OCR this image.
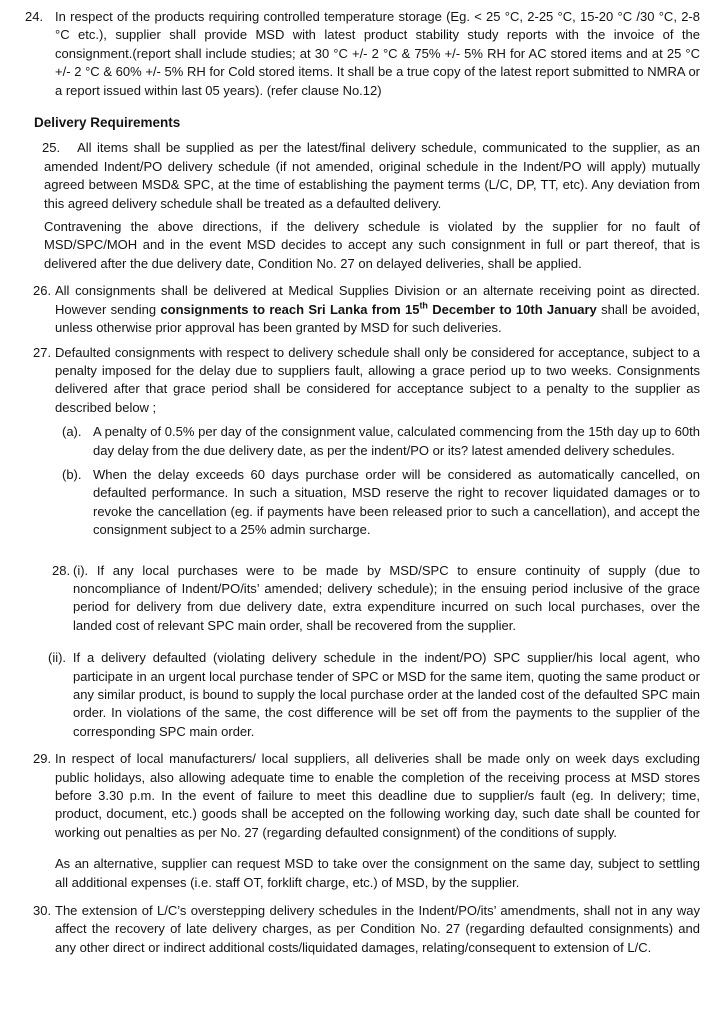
24. In respect of the products requiring controlled temperature storage (Eg. < 25 °C, 2-25 °C, 15-20 °C /30 °C, 2-8 °C etc.), supplier shall provide MSD with latest product stability study reports with the invoice of the consignment.(report shall include studies; at 30 °C +/- 2 °C & 75% +/- 5% RH for AC stored items and at 25 °C +/- 2 °C & 60% +/- 5% RH for Cold stored items. It shall be a true copy of the latest report submitted to NMRA or a report issued within last 05 years). (refer clause No.12)

Delivery Requirements

25. All items shall be supplied as per the latest/final delivery schedule, communicated to the supplier, as an amended Indent/PO delivery schedule (if not amended, original schedule in the Indent/PO will apply) mutually agreed between MSD& SPC, at the time of establishing the payment terms (L/C, DP, TT, etc). Any deviation from this agreed delivery schedule shall be treated as a defaulted delivery.

Contravening the above directions, if the delivery schedule is violated by the supplier for no fault of MSD/SPC/MOH and in the event MSD decides to accept any such consignment in full or part thereof, that is delivered after the due delivery date, Condition No. 27 on delayed deliveries, shall be applied.

26. All consignments shall be delivered at Medical Supplies Division or an alternate receiving point as directed. However sending consignments to reach Sri Lanka from 15th December to 10th January shall be avoided, unless otherwise prior approval has been granted by MSD for such deliveries.

27. Defaulted consignments with respect to delivery schedule shall only be considered for acceptance, subject to a penalty imposed for the delay due to suppliers fault, allowing a grace period up to two weeks. Consignments delivered after that grace period shall be considered for acceptance subject to a penalty to the supplier as described below ;

(a). A penalty of 0.5% per day of the consignment value, calculated commencing from the 15th day up to 60th day delay from the due delivery date, as per the indent/PO or its? latest amended delivery schedules.

(b). When the delay exceeds 60 days purchase order will be considered as automatically cancelled, on defaulted performance. In such a situation, MSD reserve the right to recover liquidated damages or to revoke the cancellation (eg. if payments have been released prior to such a cancellation), and accept the consignment subject to a 25% admin surcharge.

28. (i). If any local purchases were to be made by MSD/SPC to ensure continuity of supply (due to noncompliance of Indent/PO/its’ amended; delivery schedule); in the ensuing period inclusive of the grace period for delivery from due delivery date, extra expenditure incurred on such local purchases, over the landed cost of relevant SPC main order, shall be recovered from the supplier.

(ii). If a delivery defaulted (violating delivery schedule in the indent/PO) SPC supplier/his local agent, who participate in an urgent local purchase tender of SPC or MSD for the same item, quoting the same product or any similar product, is bound to supply the local purchase order at the landed cost of the defaulted SPC main order. In violations of the same, the cost difference will be set off from the payments to the supplier of the corresponding SPC main order.

29. In respect of local manufacturers/ local suppliers, all deliveries shall be made only on week days excluding public holidays, also allowing adequate time to enable the completion of the receiving process at MSD stores before 3.30 p.m. In the event of failure to meet this deadline due to supplier/s fault (eg. In delivery; time, product, document, etc.) goods shall be accepted on the following working day, such date shall be counted for working out penalties as per No. 27 (regarding defaulted consignment) of the conditions of supply.

As an alternative, supplier can request MSD to take over the consignment on the same day, subject to settling all additional expenses (i.e. staff OT, forklift charge, etc.) of MSD, by the supplier.

30. The extension of L/C’s overstepping delivery schedules in the Indent/PO/its’ amendments, shall not in any way affect the recovery of late delivery charges, as per Condition No. 27 (regarding defaulted consignments) and any other direct or indirect additional costs/liquidated damages, relating/consequent to extension of L/C.
